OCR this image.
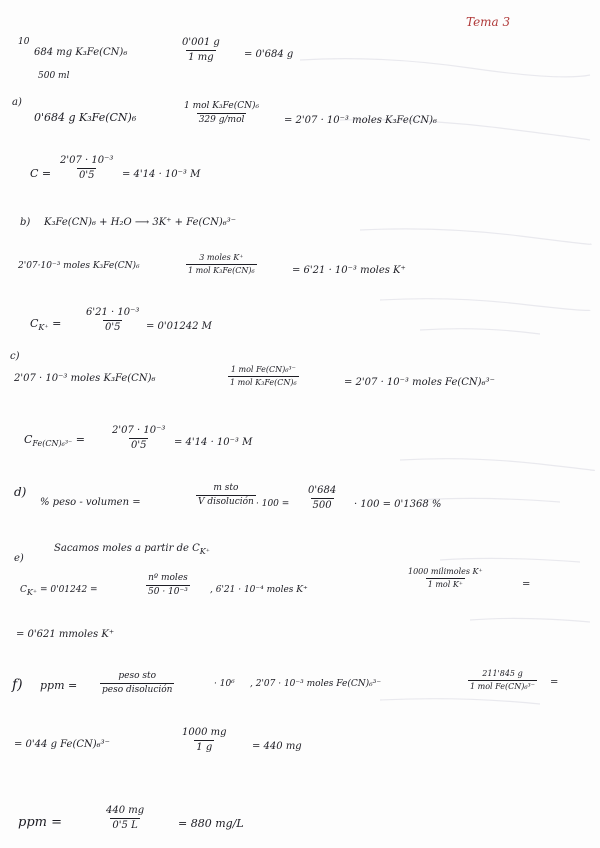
Tema 3
10
684 mg K₃Fe(CN)₆
500 ml
$\frac{0'001 g}{1 mg} = 0'684$ g
a)
0'684 g K₃Fe(CN)₆
1 mol K₃Fe(CN)₆
329 g/mol	= 2'07 · 10⁻³ moles K₃Fe(CN)₆
$C = \frac{\text{2'07 · 10⁻³}}{0'5} = 4'14 \cdot 10^{-3}$ M
b) K₃Fe(CN)₆ + H₂O ⟶ 3K⁺ + Fe(CN)₆³⁻
2'07·10⁻³ moles K₃Fe(CN)₆
3 moles K⁺
1 mol K₃Fe(CN)₆	= 6'21 · 10⁻³ moles K⁺
$C_{K^+} = \frac{\text{6'21 · 10⁻³}}{0'5} = 0'01242$ M
c)
2'07 · 10⁻³ moles K₃Fe(CN)₆
1 mol Fe(CN)₆³⁻
1 mol K₃Fe(CN)₆	= 2'07 · 10⁻³ moles Fe(CN)₆³⁻
$C_{Fe(CN)_6^{3-}}$ =	$\frac{\text{2'07 · 10⁻³}}{0'5} = 4'14 \cdot 10^{-3}$ M
d)
% peso - volumen =
m sto
V disolución · $100 = \frac{0'684}{500} \cdot 100 = 0'1368$ %
e)
Sacamos moles a partir de $C_{K^+}$
$C_{K^+} = 0'01242$ =
nº moles
50 · 10⁻³ , 6'21 · 10⁻⁴ moles K⁺
1000 milimoles K⁺
1 mol K⁺	=
= 0'621 mmoles K⁺
f) ppm =
peso sto
peso disolución
· 10⁶ , 2'07 · 10⁻³ moles Fe(CN)₆³⁻
211'845 g
1 mol Fe(CN)₆³⁻ =
= 0'44 g Fe(CN)₆³⁻	$\frac{1000 mg}{1 g} = 440$ mg
ppm =	$\frac{440 mg}{0'5 L}$	= 880 mg/L
